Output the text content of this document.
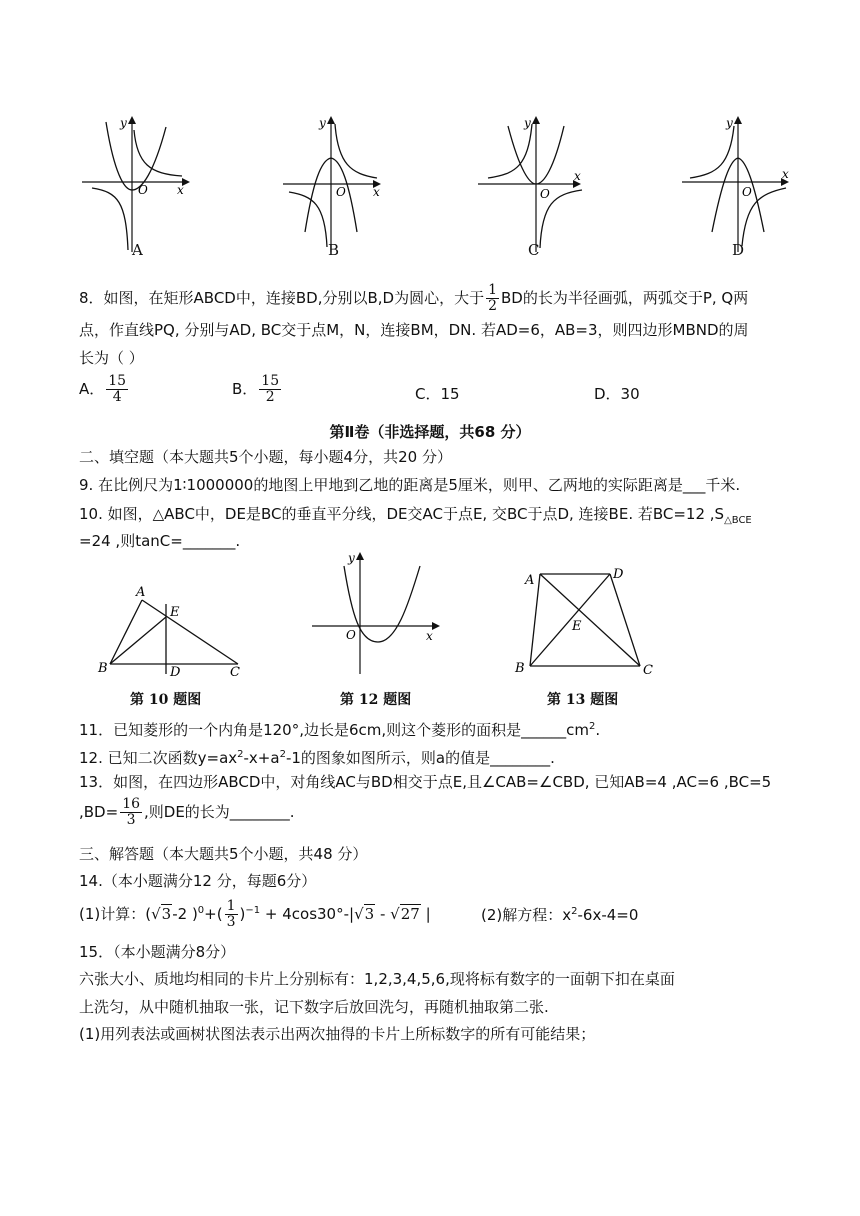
y
x
O
A
y
x
O
B
y
x
O
C
y
x
O
D
8．如图，在矩形ABCD中，连接BD,分别以B,D为圆心，大于 $\frac{1}{2}$ BD的长为半径画弧，两弧交于P, Q两
点，作直线PQ, 分别与AD, BC交于点M，N，连接BM，DN. 若AD=6，AB=3，则四边形MBND的周
长为（ ）
A． $\frac{15}{4}$	B． $\frac{15}{2}$	C．15	D．30
第Ⅱ卷（非选择题，共68 分）
二、填空题（本大题共5个小题，每小题4分，共20 分）
9. 在比例尺为1∶1000000的地图上甲地到乙地的距离是5厘米，则甲、乙两地的实际距离是___千米.
10. 如图，△ABC中，DE是BC的垂直平分线，DE交AC于点E, 交BC于点D, 连接BE. 若BC=12 $,S_{\triangle BCE}$
=24 ,则tanC=_______.
A
B	C
D
E
第 10 题图
y
x
O
第 12 题图
A	D
B	C
E
第 13 题图
11．已知菱形的一个内角是120°,边长是6cm,则这个菱形的面积是$\_\_\_\_\_\_cm^2$.
12. 已知二次函数$y=ax^2-x+a^2-1$的图象如图所示，则a的值是________.
13．如图，在四边形ABCD中，对角线AC与BD相交于点E,且∠CAB=∠CBD, 已知AB=4 ,AC=6 ,BC=5
$,BD= \frac{16}{3}$ ,则DE的长为________.
三、解答题（本大题共5个小题，共48 分）
14.（本小题满分12 分，每题6分）
(1)计算：(√3-2 )$^0+( \frac{1}{3} )^{-1} + 4\cos 30^\circ-|√3 - √27$ |	(2)解方程：$x^2-6x-4=0$
15．（本小题满分8分）
六张大小、质地均相同的卡片上分别标有：1,2,3,4,5,6,现将标有数字的一面朝下扣在桌面
上洗匀，从中随机抽取一张，记下数字后放回洗匀，再随机抽取第二张.
(1)用列表法或画树状图法表示出两次抽得的卡片上所标数字的所有可能结果；
